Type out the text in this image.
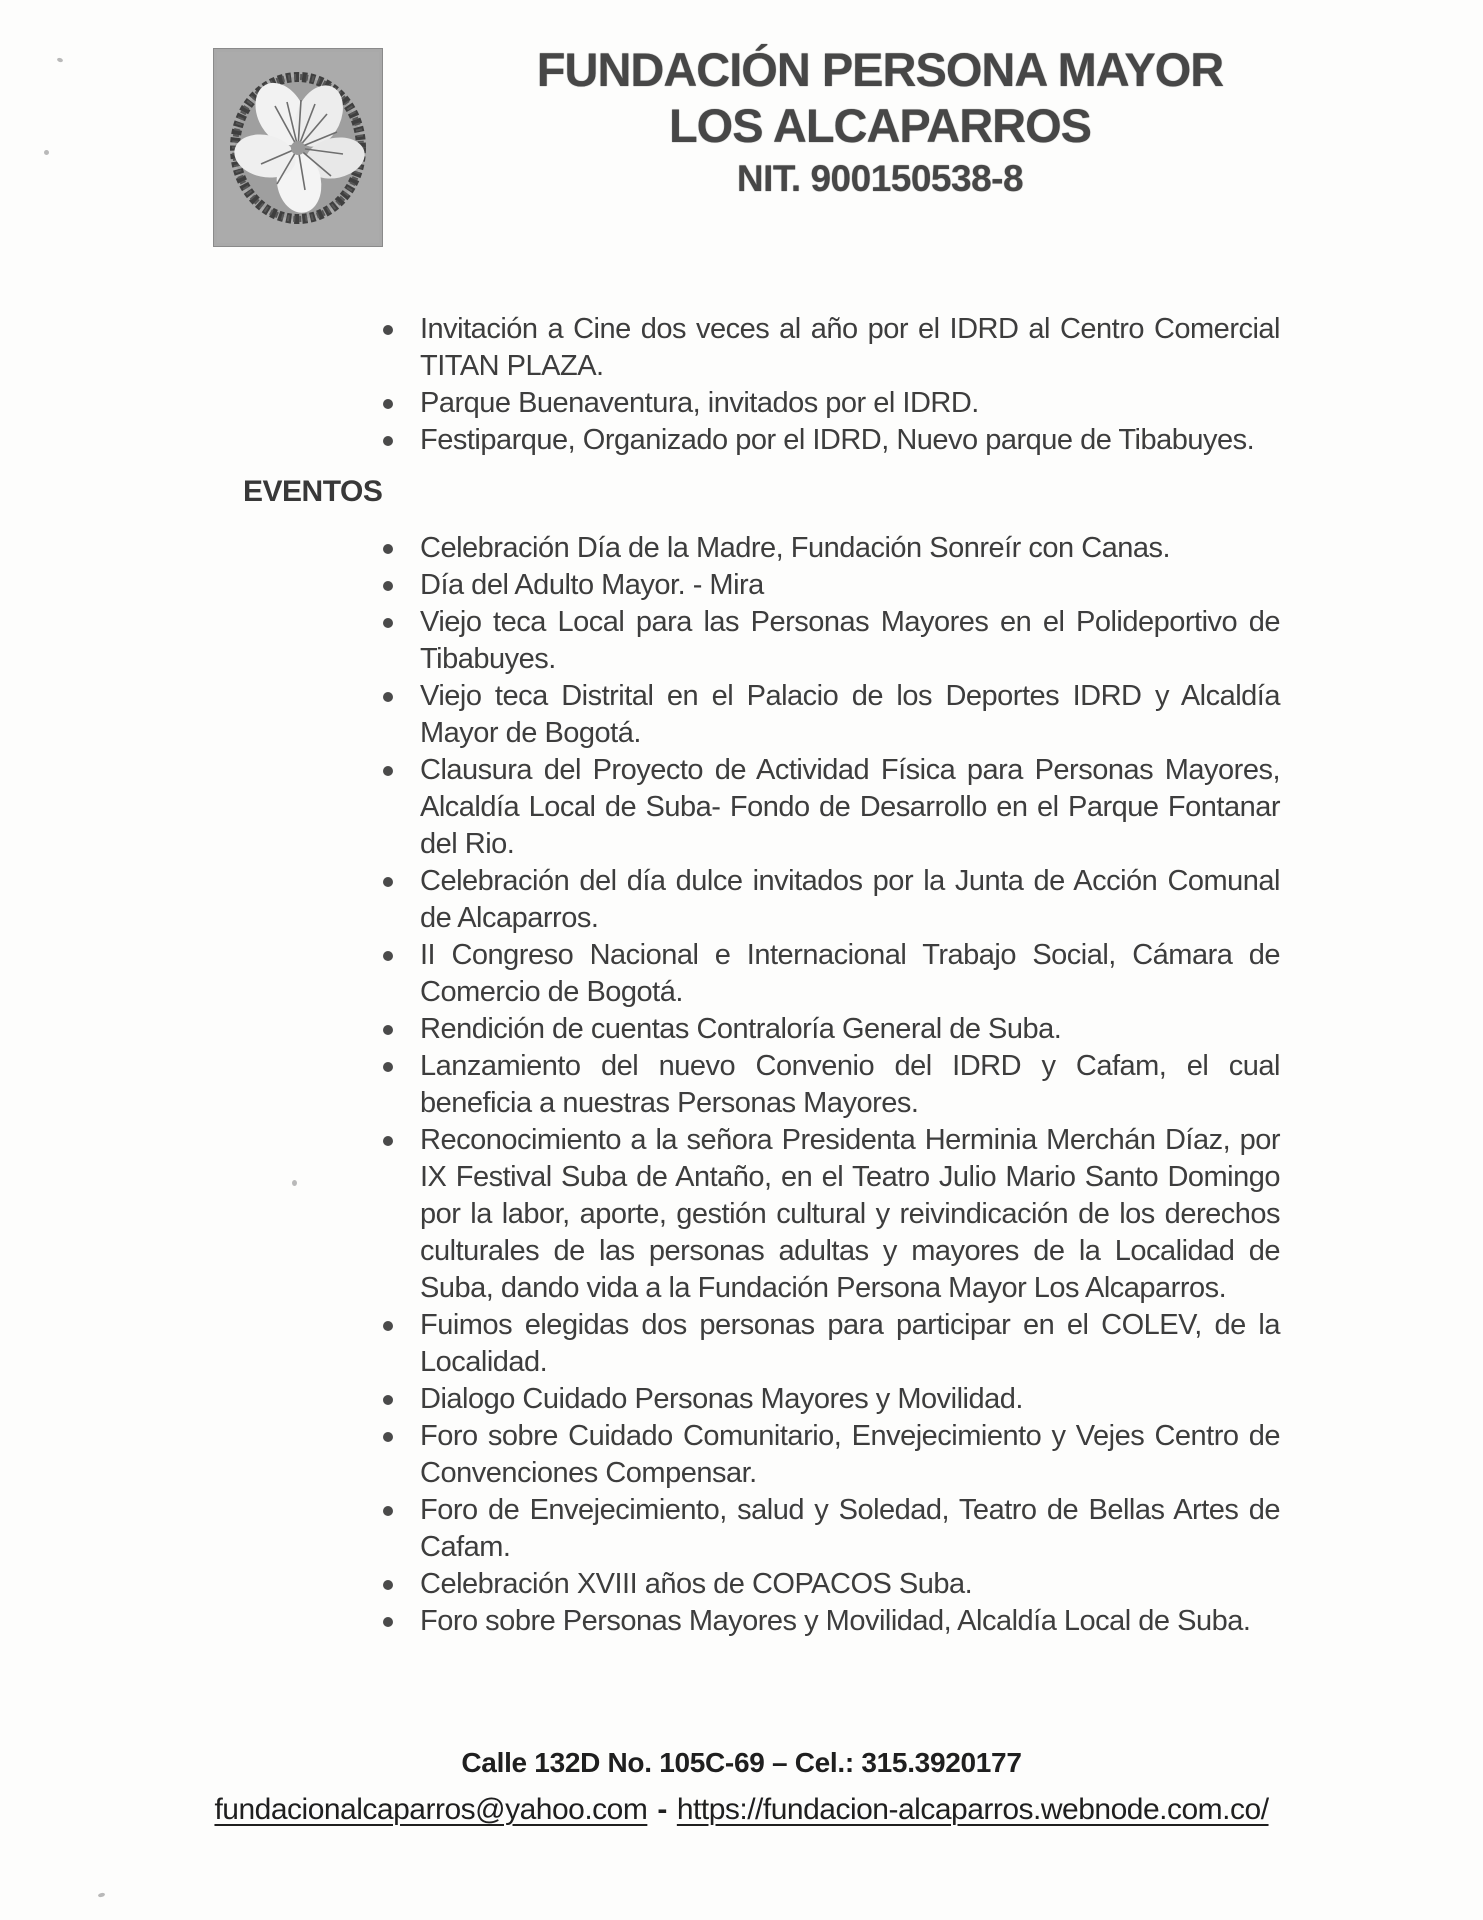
FUNDACIÓN PERSONA MAYOR
LOS ALCAPARROS
NIT. 900150538-8
Invitación a Cine dos veces al año por el IDRD al Centro Comercial TITAN PLAZA.
Parque Buenaventura, invitados por el IDRD.
Festiparque, Organizado por el IDRD, Nuevo parque de Tibabuyes.
EVENTOS
Celebración Día de la Madre, Fundación Sonreír con Canas.
Día del Adulto Mayor. - Mira
Viejo teca Local para las Personas Mayores en el Polideportivo de Tibabuyes.
Viejo teca Distrital en el Palacio de los Deportes IDRD y Alcaldía Mayor de Bogotá.
Clausura del Proyecto de Actividad Física para Personas Mayores, Alcaldía Local de Suba- Fondo de Desarrollo en el Parque Fontanar del Rio.
Celebración del día dulce invitados por la Junta de Acción Comunal de Alcaparros.
II Congreso Nacional e Internacional Trabajo Social, Cámara de Comercio de Bogotá.
Rendición de cuentas Contraloría General de Suba.
Lanzamiento del nuevo Convenio del IDRD y Cafam, el cual beneficia a nuestras Personas Mayores.
Reconocimiento a la señora Presidenta Herminia Merchán Díaz, por IX Festival Suba de Antaño, en el Teatro Julio Mario Santo Domingo por la labor, aporte, gestión cultural y reivindicación de los derechos culturales de las personas adultas y mayores de la Localidad de Suba, dando vida a la Fundación Persona Mayor Los Alcaparros.
Fuimos elegidas dos personas para participar en el COLEV, de la Localidad.
Dialogo Cuidado Personas Mayores y Movilidad.
Foro sobre Cuidado Comunitario, Envejecimiento y Vejes Centro de Convenciones Compensar.
Foro de Envejecimiento, salud y Soledad, Teatro de Bellas Artes de Cafam.
Celebración XVIII años de COPACOS Suba.
Foro sobre Personas Mayores y Movilidad, Alcaldía Local de Suba.
Calle 132D No. 105C-69 – Cel.: 315.3920177
fundacionalcaparros@yahoo.com - https://fundacion-alcaparros.webnode.com.co/
